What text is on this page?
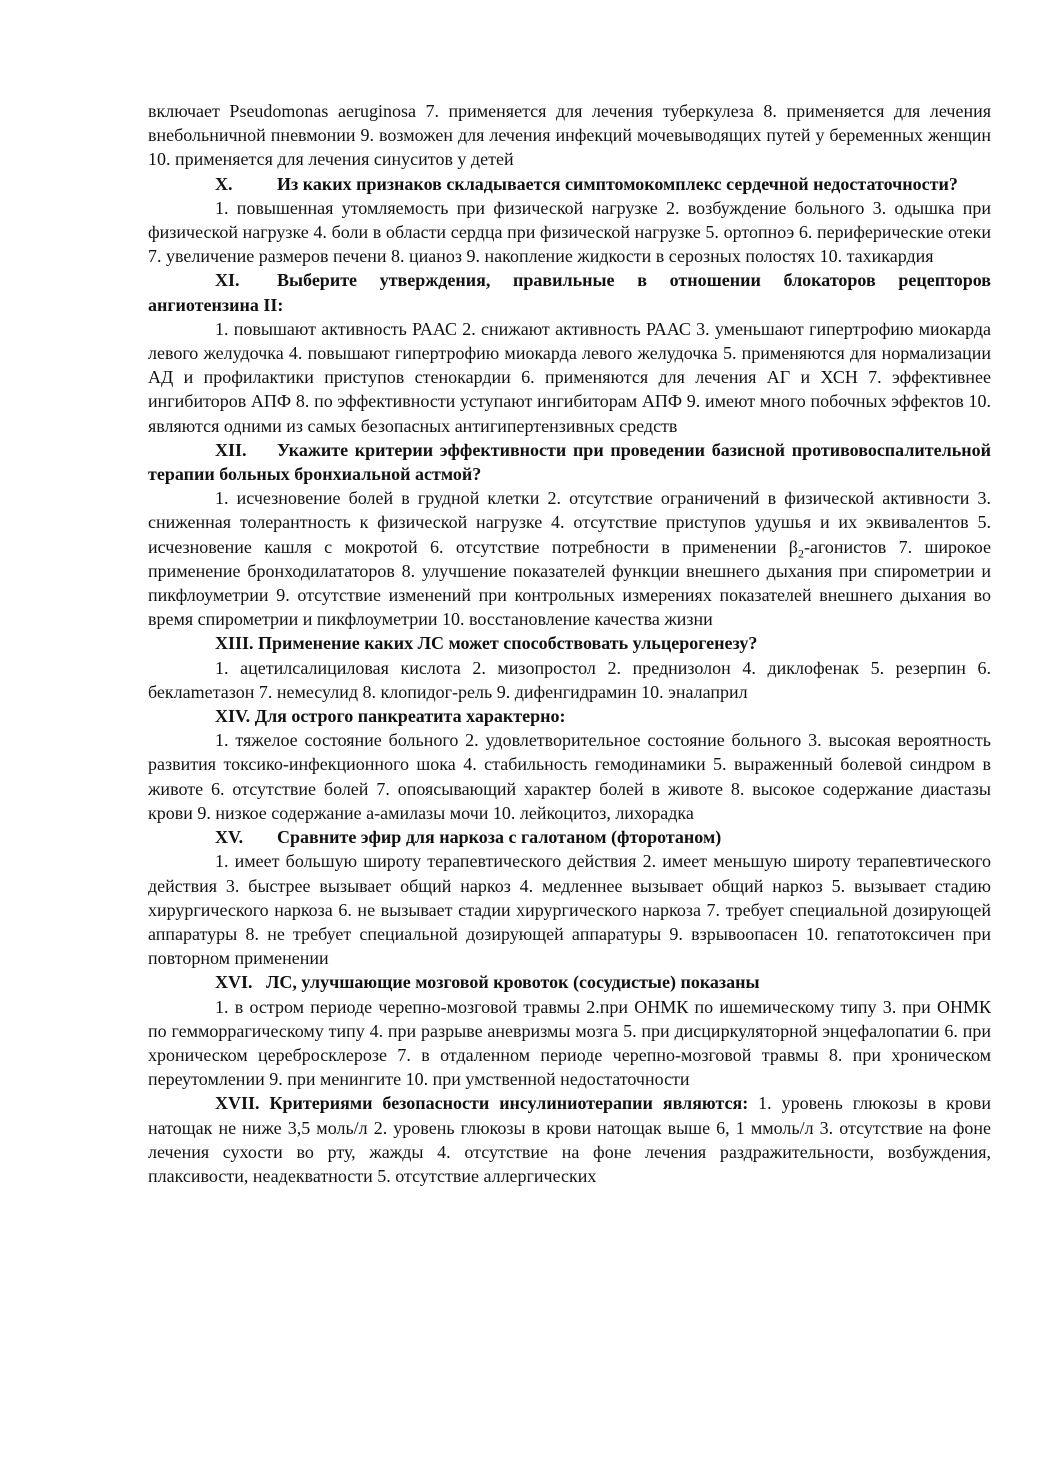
включает Pseudomonas aeruginosa 7. применяется для лечения туберкулеза 8. применяется для лечения внебольничной пневмонии 9. возможен для лечения инфекций мочевыводящих путей у беременных женщин 10. применяется для лечения синуситов у детей

X. Из каких признаков складывается симптомокомплекс сердечной недостаточности?

1. повышенная утомляемость при физической нагрузке 2. возбуждение больного 3. одышка при физической нагрузке 4. боли в области сердца при физической нагрузке 5. ортопноэ 6. периферические отеки 7. увеличение размеров печени 8. цианоз 9. накопление жидкости в серозных полостях 10. тахикардия

XI. Выберите утверждения, правильные в отношении блокаторов рецепторов ангиотензина II:

1. повышают активность РААС 2. снижают активность РААС 3. уменьшают гипертрофию миокарда левого желудочка 4. повышают гипертрофию миокарда левого желудочка 5. применяются для нормализации АД и профилактики приступов стенокардии 6. применяются для лечения АГ и ХСН 7. эффективнее ингибиторов АПФ 8. по эффективности уступают ингибиторам АПФ 9. имеют много побочных эффектов 10. являются одними из самых безопасных антигипертензивных средств

XII. Укажите критерии эффективности при проведении базисной противовоспалительной терапии больных бронхиальной астмой?

1. исчезновение болей в грудной клетки 2. отсутствие ограничений в физической активности 3. сниженная толерантность к физической нагрузке 4. отсутствие приступов удушья и их эквивалентов 5. исчезновение кашля с мокротой 6. отсутствие потребности в применении $\beta_2$-агонистов 7. широкое применение бронходилататоров 8. улучшение показателей функции внешнего дыхания при спирометрии и пикфлоуметрии 9. отсутствие изменений при контрольных измерениях показателей внешнего дыхания во время спирометрии и пикфлоуметрии 10. восстановление качества жизни

XIII. Применение каких ЛС может способствовать ульцерогенезу?

1. ацетилсалициловая кислота 2. мизопростол 2. преднизолон 4. диклофенак 5. резерпин 6. беклаmетазон 7. немесулид 8. клопидог-рель 9. дифенгидрамин 10. эналаприл

XIV. Для острого панкреатита характерно:

1. тяжелое состояние больного 2. удовлетворительное состояние больного 3. высокая вероятность развития токсико-инфекционного шока 4. стабильность гемодинамики 5. выраженный болевой синдром в животе 6. отсутствие болей 7. опоясывающий характер болей в животе 8. высокое содержание диастазы крови 9. низкое содержание а-амилазы мочи 10. лейкоцитоз, лихорадка

XV. Сравните эфир для наркоза с галотаном (фторотаном)

1. имеет большую широту терапевтического действия 2. имеет меньшую широту терапевтического действия 3. быстрее вызывает общий наркоз 4. медленнее вызывает общий наркоз 5. вызывает стадию хирургического наркоза 6. не вызывает стадии хирургического наркоза 7. требует специальной дозирующей аппаратуры 8. не требует специальной дозирующей аппаратуры 9. взрывоопасен 10. гепатотоксичен при повторном применении

XVI. ЛС, улучшающие мозговой кровоток (сосудистые) показаны

1. в остром периоде черепно-мозговой травмы 2.при ОНМК по ишемическому типу 3. при ОНМК по гемморрагическому типу 4. при разрыве аневризмы мозга 5. при дисциркуляторной энцефалопатии 6. при хроническом церебросклерозе 7. в отдаленном периоде черепно-мозговой травмы 8. при хроническом переутомлении 9. при менингите 10. при умственной недостаточности

XVII. Критериями безопасности инсулиниотерапии являются: 1. уровень глюкозы в крови натощак не ниже 3,5 моль/л 2. уровень глюкозы в крови натощак выше 6, 1 ммоль/л 3. отсутствие на фоне лечения сухости во рту, жажды 4. отсутствие на фоне лечения раздражительности, возбуждения, плаксивости, неадекватности 5. отсутствие аллергических
